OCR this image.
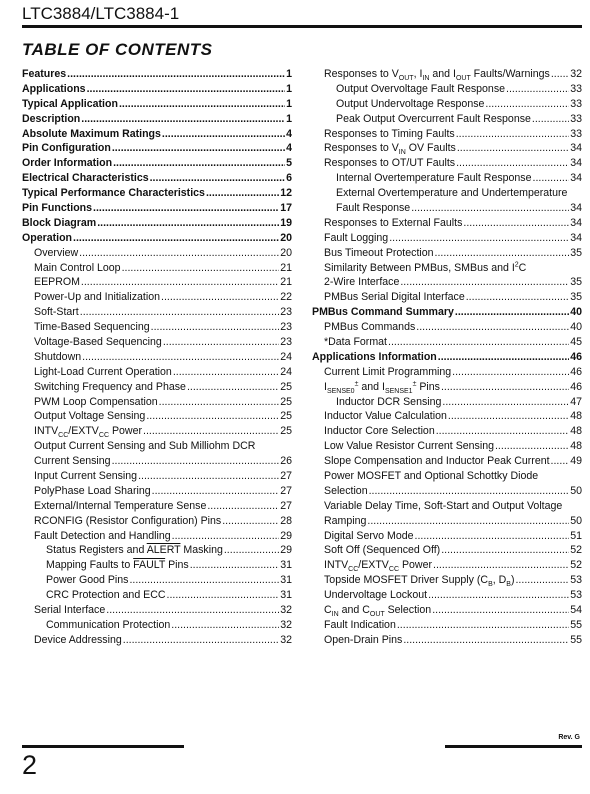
LTC3884/LTC3884-1
TABLE OF CONTENTS
Features .....	1
Applications .....	1
Typical Application .....	1
Description .....	1
Absolute Maximum Ratings .....	4
Pin Configuration .....	4
Order Information .....	5
Electrical Characteristics .....	6
Typical Performance Characteristics .....	12
Pin Functions .....	17
Block Diagram .....	19
Operation .....	20
Overview .....	20
Main Control Loop .....	21
EEPROM .....	21
Power-Up and Initialization .....	22
Soft-Start .....	23
Time-Based Sequencing .....	23
Voltage-Based Sequencing .....	23
Shutdown .....	24
Light-Load Current Operation .....	24
Switching Frequency and Phase .....	25
PWM Loop Compensation .....	25
Output Voltage Sensing .....	25
$INTV_{CC}/EXTV_{CC}$ Power .....	25
Output Current Sensing and Sub Milliohm DCR
Current Sensing .....	26
Input Current Sensing .....	27
PolyPhase Load Sharing .....	27
External/Internal Temperature Sense .....	27
RCONFIG (Resistor Configuration) Pins .....	28
Fault Detection and Handling .....	29
Status Registers and ALERT Masking .....	29
Mapping Faults to FAULT Pins .....	31
Power Good Pins .....	31
CRC Protection and ECC .....	31
Serial Interface .....	32
Communication Protection .....	32
Device Addressing .....	32
Responses to $V_{OUT}$, $I_{IN}$ and $I_{OUT}$ Faults/Warnings ..... 32
Output Overvoltage Fault Response .....	33
Output Undervoltage Response .....	33
Peak Output Overcurrent Fault Response .....	33
Responses to Timing Faults .....	33
Responses to $V_{IN}$ OV Faults .....	34
Responses to OT/UT Faults .....	34
Internal Overtemperature Fault Response .....	34
External Overtemperature and Undertemperature
Fault Response .....	34
Responses to External Faults .....	34
Fault Logging .....	34
Bus Timeout Protection .....	35
Similarity Between PMBus, SMBus and $I^2C$
2-Wire Interface .....	35
PMBus Serial Digital Interface .....	35
PMBus Command Summary .....	40
PMBus Commands .....	40
*Data Format .....	45
Applications Information .....	46
Current Limit Programming .....	46
$I_{SENSE0}^\pm$ and $I_{SENSE1}^\pm$ Pins .....	46
Inductor DCR Sensing .....	47
Inductor Value Calculation .....	48
Inductor Core Selection .....	48
Low Value Resistor Current Sensing .....	48
Slope Compensation and Inductor Peak Current ..... 49
Power MOSFET and Optional Schottky Diode
Selection .....	50
Variable Delay Time, Soft-Start and Output Voltage
Ramping .....	50
Digital Servo Mode .....	51
Soft Off (Sequenced Off) .....	52
$INTV_{CC}/EXTV_{CC}$ Power .....	52
Topside MOSFET Driver Supply ($C_B$, $D_B$) .....	53
Undervoltage Lockout .....	53
$C_{IN}$ and $C_{OUT}$ Selection .....	54
Fault Indication .....	55
Open-Drain Pins .....	55
Rev. G
2
